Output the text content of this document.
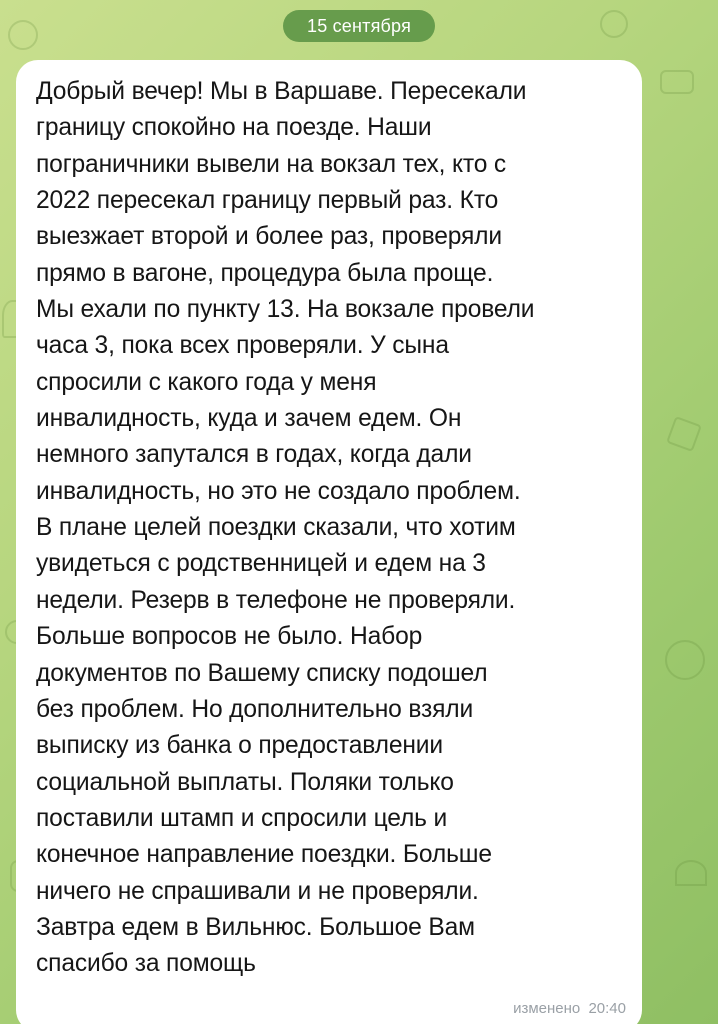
15 сентября

Добрый вечер! Мы в Варшаве. Пересекали
границу спокойно на поезде. Наши
пограничники вывели на вокзал тех, кто с
2022 пересекал границу первый раз. Кто
выезжает второй и более раз, проверяли
прямо в вагоне, процедура была проще.
Мы ехали по пункту 13. На вокзале провели
часа 3, пока всех проверяли. У сына
спросили с какого года у меня
инвалидность, куда и зачем едем. Он
немного запутался в годах, когда дали
инвалидность, но это не создало проблем.
В плане целей поездки сказали, что хотим
увидеться с родственницей и едем на 3
недели. Резерв в телефоне не проверяли.
Больше вопросов не было. Набор
документов по Вашему списку подошел
без проблем. Но дополнительно взяли
выписку из банка о предоставлении
социальной выплаты. Поляки только
поставили штамп и спросили цель и
конечное направление поездки. Больше
ничего не спрашивали и не проверяли.
Завтра едем в Вильнюс. Большое Вам
спасибо за помощь

изменено 20:40
